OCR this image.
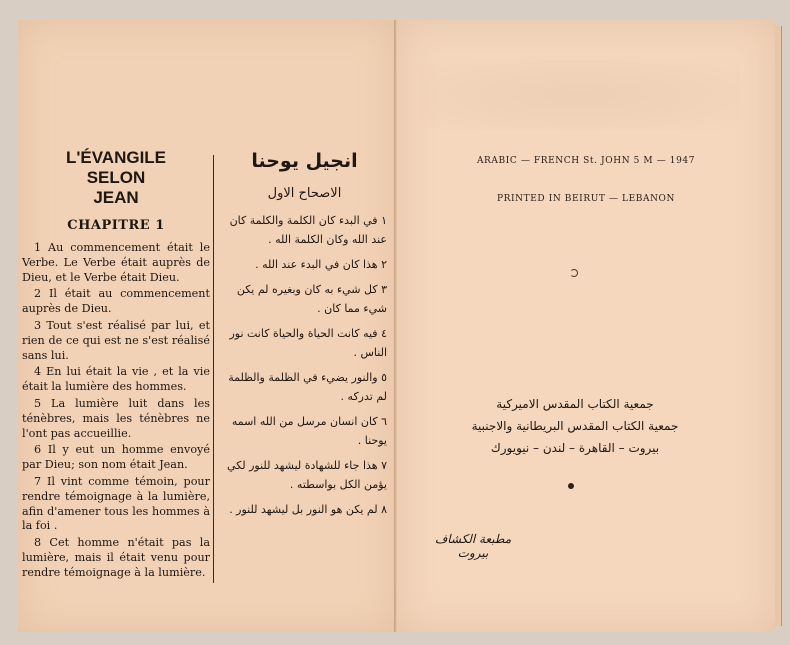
L'ÉVANGILE

SELON

JEAN

CHAPITRE 1

1 Au commencement était le Verbe. Le Verbe était auprès de Dieu, et le Verbe était Dieu.

2 Il était au commencement auprès de Dieu.

3 Tout s'est réalisé par lui, et rien de ce qui est ne s'est réalisé sans lui.

4 En lui était la vie , et la vie était la lumière des hommes.

5 La lumière luit dans les ténèbres, mais les ténèbres ne l'ont pas accueillie.

6 Il y eut un homme envoyé par Dieu; son nom était Jean.

7 Il vint comme témoin, pour rendre témoignage à la lumière, afin d'amener tous les hommes à la foi .

8 Cet homme n'était pas la lumière, mais il était venu pour rendre témoignage à la lumière.

انجيل يوحنا

الاصحاح الاول

١ في البدء كان الكلمة والكلمة كان عند الله وكان الكلمة الله .

٢ هذا كان في البدء عند الله .

٣ كل شيء به كان وبغيره لم يكن شيء مما كان .

٤ فيه كانت الحياة والحياة كانت نور الناس .

٥ والنور يضيء في الظلمة والظلمة لم تدركه .

٦ كان انسان مرسل من الله اسمه يوحنا .

٧ هذا جاء للشهادة ليشهد للنور لكي يؤمن الكل بواسطته .

٨ لم يكن هو النور بل ليشهد للنور .

ARABIC — FRENCH St. JOHN 5 M — 1947
PRINTED IN BEIRUT — LEBANON
جمعية الكتاب المقدس الاميركية
جمعية الكتاب المقدس البريطانية والاجنبية
بيروت – القاهرة – لندن – نيويورك
مطبعة الكشاف بيروت
